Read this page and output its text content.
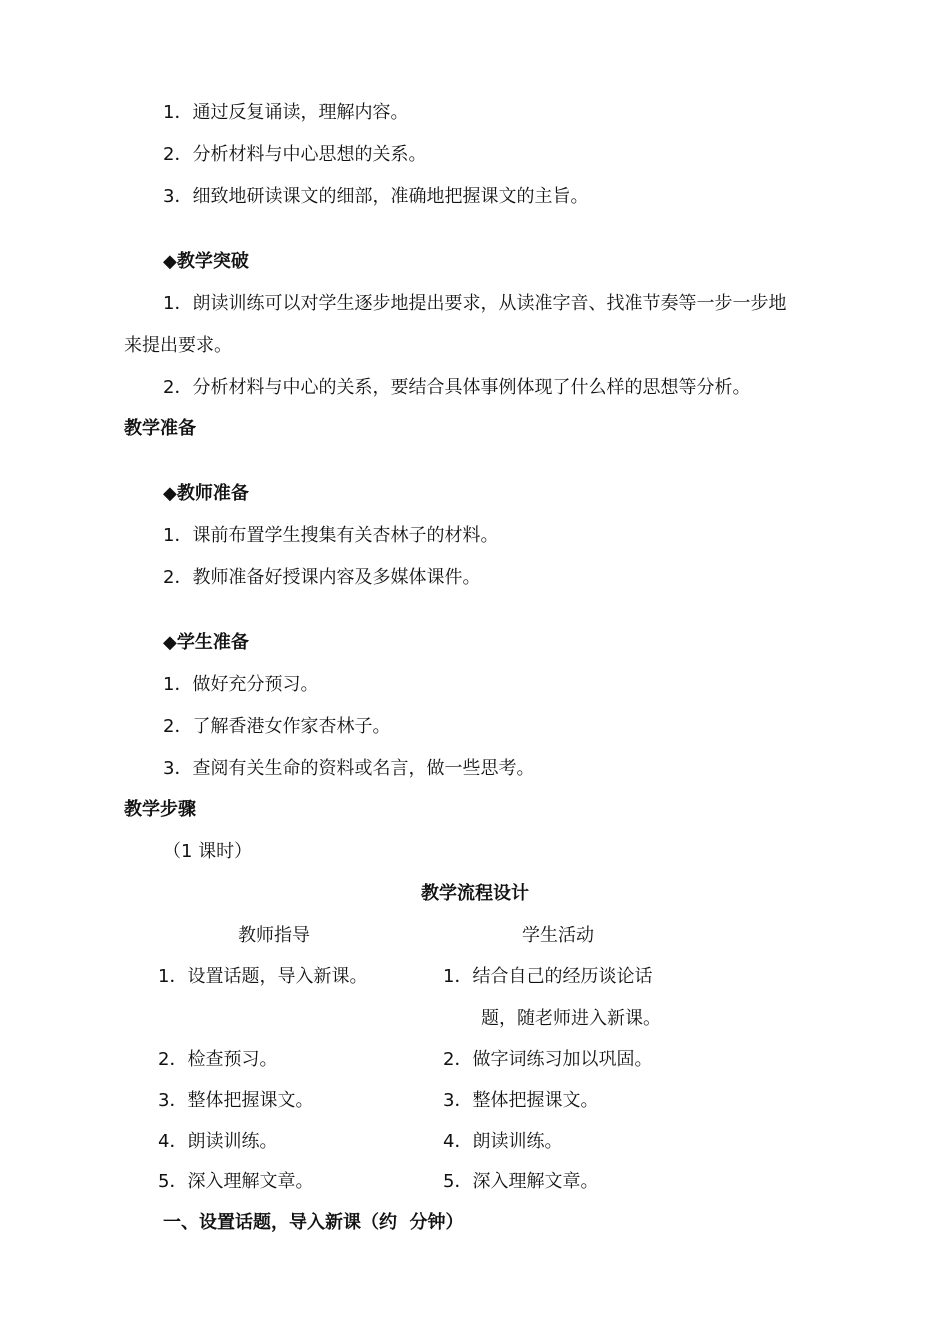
1．通过反复诵读，理解内容。
2．分析材料与中心思想的关系。
3．细致地研读课文的细部，准确地把握课文的主旨。
◆教学突破
1．朗读训练可以对学生逐步地提出要求，从读准字音、找准节奏等一步一步地
来提出要求。
2．分析材料与中心的关系，要结合具体事例体现了什么样的思想等分析。
教学准备
◆教师准备
1．课前布置学生搜集有关杏林子的材料。
2．教师准备好授课内容及多媒体课件。
◆学生准备
1．做好充分预习。
2．了解香港女作家杏林子。
3．查阅有关生命的资料或名言，做一些思考。
教学步骤
（1 课时）
教学流程设计
教师指导	学生活动
1．设置话题，导入新课。	1．结合自己的经历谈论话
题，随老师进入新课。
2．检查预习。	2．做字词练习加以巩固。
3．整体把握课文。	3．整体把握课文。
4．朗读训练。	4．朗读训练。
5．深入理解文章。	5．深入理解文章。
一、设置话题，导入新课（约  分钟）
